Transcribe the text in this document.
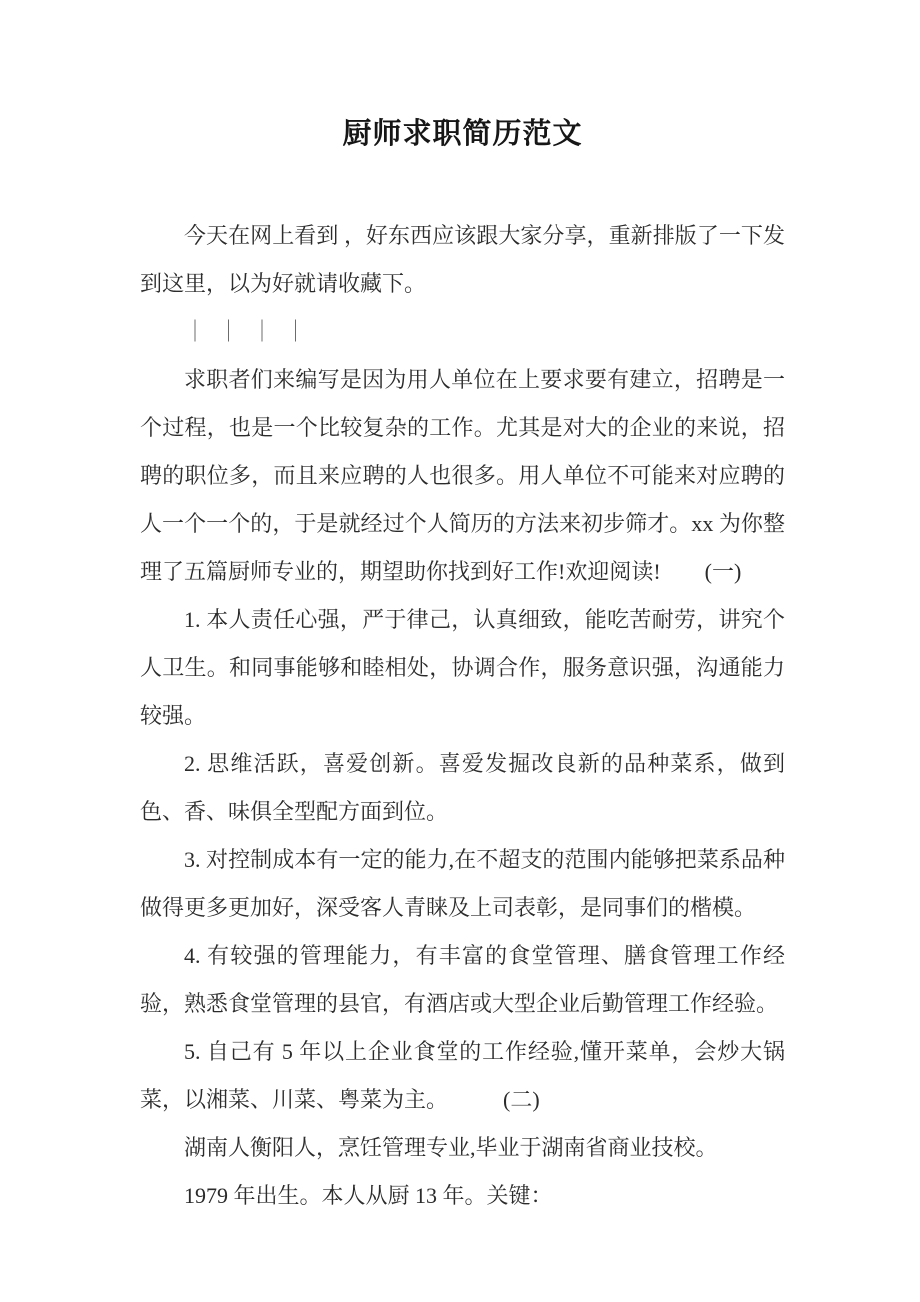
厨师求职简历范文

今天在网上看到 ，好东西应该跟大家分享，重新排版了一下发到这里，以为好就请收藏下。

｜ ｜ ｜ ｜

求职者们来编写是因为用人单位在上要求要有建立，招聘是一个过程，也是一个比较复杂的工作。尤其是对大的企业的来说，招聘的职位多，而且来应聘的人也很多。用人单位不可能来对应聘的人一个一个的，于是就经过个人简历的方法来初步筛才。xx 为你整理了五篇厨师专业的，期望助你找到好工作!欢迎阅读!　　(一)

1. 本人责任心强，严于律己，认真细致，能吃苦耐劳，讲究个人卫生。和同事能够和睦相处，协调合作，服务意识强，沟通能力较强。

2. 思维活跃，喜爱创新。喜爱发掘改良新的品种菜系，做到色、香、味俱全型配方面到位。

3. 对控制成本有一定的能力,在不超支的范围内能够把菜系品种做得更多更加好，深受客人青睐及上司表彰，是同事们的楷模。

4. 有较强的管理能力，有丰富的食堂管理、膳食管理工作经验，熟悉食堂管理的县官，有酒店或大型企业后勤管理工作经验。

5. 自己有 5 年以上企业食堂的工作经验,懂开菜单，会炒大锅菜，以湘菜、川菜、粤菜为主。　　　(二)

湖南人衡阳人，烹饪管理专业,毕业于湖南省商业技校。

1979 年出生。本人从厨 13 年。关键：
